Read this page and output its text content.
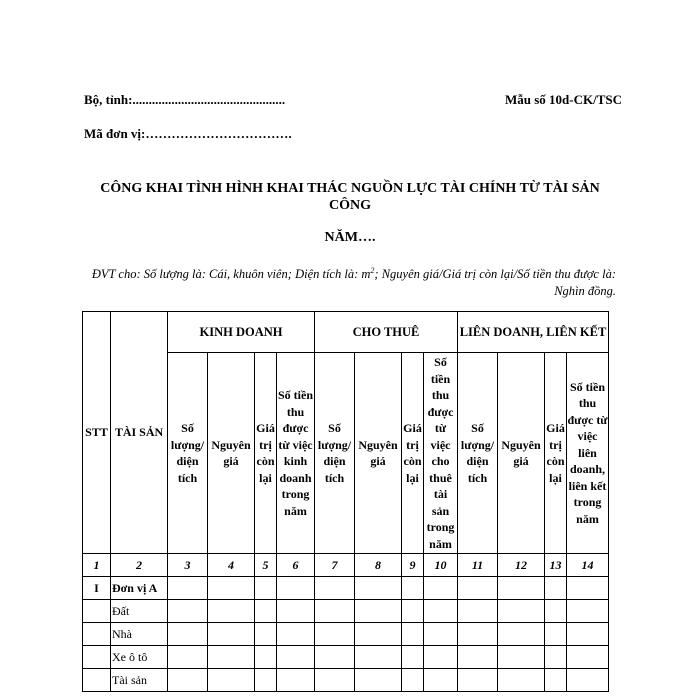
Bộ, tỉnh:...............................................	Mẫu số 10d-CK/TSC
Mã đơn vị:…………………………….
CÔNG KHAI TÌNH HÌNH KHAI THÁC NGUỒN LỰC TÀI CHÍNH TỪ TÀI SẢN CÔNG
NĂM….
ĐVT cho: Số lượng là: Cái, khuôn viên; Diện tích là: $m^2$; Nguyên giá/Giá trị còn lại/Số tiền thu được là: Nghìn đồng.
STT	TÀI SẢN	KINH DOANH				CHO THUÊ				LIÊN DOANH, LIÊN KẾT			
		Số lượng/ diện tích	Nguyên giá	Giá trị còn lại	Số tiền thu được từ việc kinh doanh trong năm	Số lượng/ diện tích	Nguyên giá	Giá trị còn lại	Số tiền thu được từ việc cho thuê tài sản trong năm	Số lượng/ diện tích	Nguyên giá	Giá trị còn lại	Số tiền thu được từ việc liên doanh, liên kết trong năm
1	2	3	4	5	6	7	8	9	10	11	12	13	14
I	Đơn vị A												
	Đất												
	Nhà												
	Xe ô tô												
	Tài sản												
